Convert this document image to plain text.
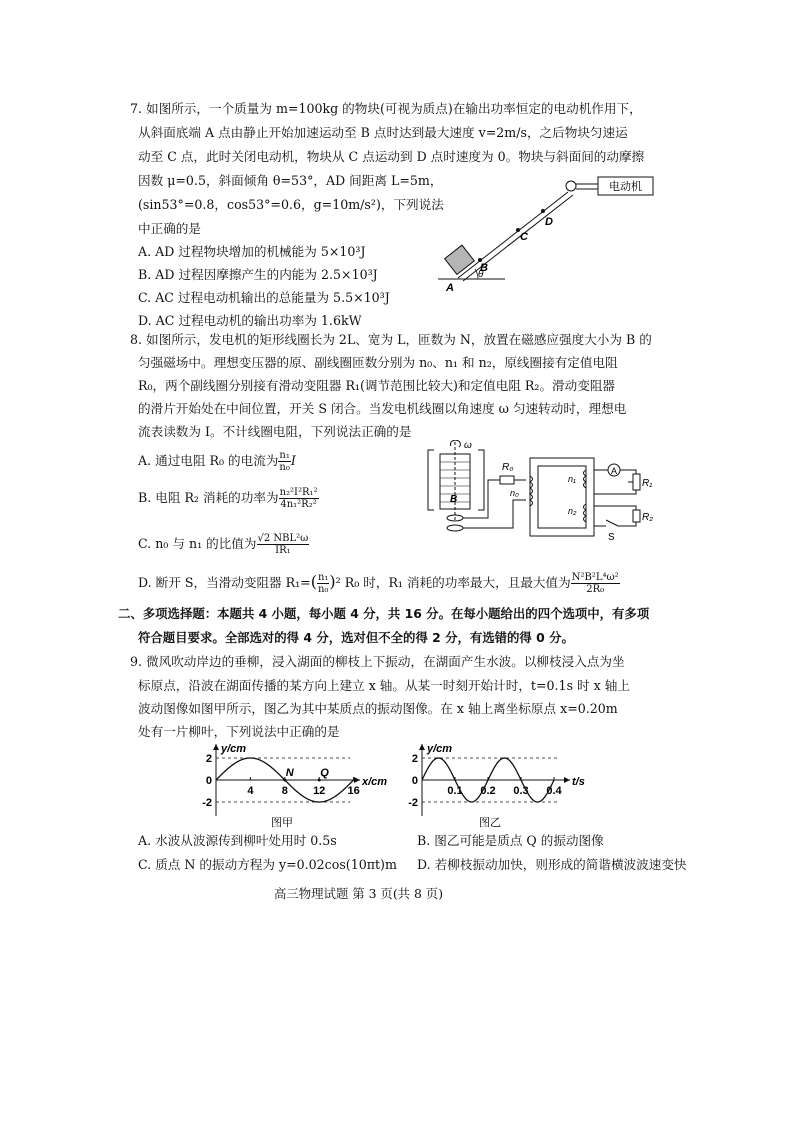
7. 如图所示，一个质量为 m=100kg 的物块(可视为质点)在输出功率恒定的电动机作用下，
从斜面底端 A 点由静止开始加速运动至 B 点时达到最大速度 v=2m/s，之后物块匀速运
动至 C 点，此时关闭电动机，物块从 C 点运动到 D 点时速度为 0。物块与斜面间的动摩擦
因数 μ=0.5，斜面倾角 θ=53°，AD 间距离 L=5m，
(sin53°=0.8，cos53°=0.6，g=10m/s²)，下列说法
中正确的是
A. AD 过程物块增加的机械能为 5×10³J
B. AD 过程因摩擦产生的内能为 2.5×10³J
C. AC 过程电动机输出的总能量为 5.5×10³J
D. AC 过程电动机的输出功率为 1.6kW
电动机
A
B
C
D
θ
8. 如图所示，发电机的矩形线圈长为 2L、宽为 L，匝数为 N，放置在磁感应强度大小为 B 的
匀强磁场中。理想变压器的原、副线圈匝数分别为 n₀、n₁ 和 n₂，原线圈接有定值电阻
R₀，两个副线圈分别接有滑动变阻器 R₁(调节范围比较大)和定值电阻 R₂。滑动变阻器
的滑片开始处在中间位置，开关 S 闭合。当发电机线圈以角速度 ω 匀速转动时，理想电
流表读数为 I。不计线圈电阻，下列说法正确的是
A. 通过电阻 R₀ 的电流为 $\frac{\text{n₁}}{\text{n₀}}$ I
B. 电阻 R₂ 消耗的功率为 $\frac{\text{n₂²I²R₁²}}{\text{4n₁²R₂²}}$
C. n₀ 与 n₁ 的比值为 $\frac{\text{√2 NBL²ω}}{\text{IR₁}}$
D. 断开 S，当滑动变阻器 $R_1=( \frac{\text{n₁}}{\text{n₀}} )^2$ R₀ 时，R₁ 消耗的功率最大，且最大值为 $\frac{\text{N²B²L⁴ω²}}{\text{2R₀}}$
ω
B
R₀
n₀
n₁
n₂
A
R₁
R₂
S
二、多项选择题：本题共 4 小题，每小题 4 分，共 16 分。在每小题给出的四个选项中，有多项
符合题目要求。全部选对的得 4 分，选对但不全的得 2 分，有选错的得 0 分。
9. 微风吹动岸边的垂柳，浸入湖面的柳枝上下振动，在湖面产生水波。以柳枝浸入点为坐
标原点，沿波在湖面传播的某方向上建立 x 轴。从某一时刻开始计时，t=0.1s 时 x 轴上
波动图像如图甲所示，图乙为其中某质点的振动图像。在 x 轴上离坐标原点 x=0.20m
处有一片柳叶，下列说法中正确的是
y/cm
x/cm
2
0
-2
4	8 12 16
N Q
图甲
y/cm
t/s
2
0
-2
0.1 0.2 0.3 0.4
图乙
A. 水波从波源传到柳叶处用时 0.5s	B. 图乙可能是质点 Q 的振动图像
C. 质点 N 的振动方程为 y=0.02cos(10πt)m D. 若柳枝振动加快，则形成的简谐横波波速变快
高三物理试题 第 3 页(共 8 页)
